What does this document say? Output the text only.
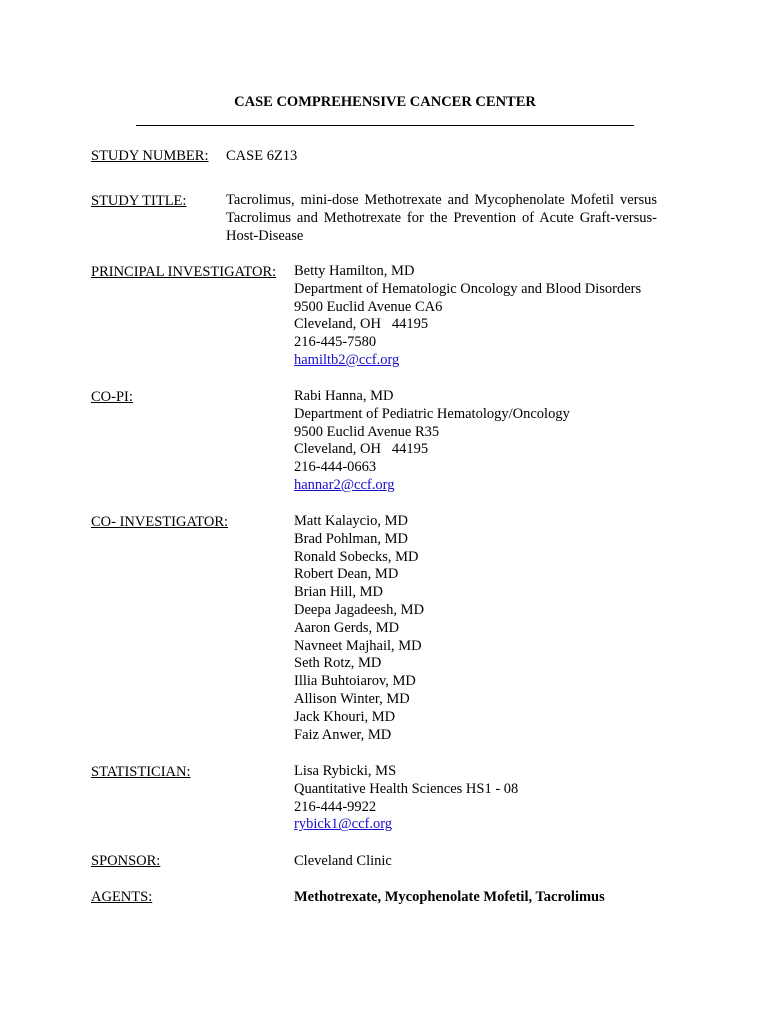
CASE COMPREHENSIVE CANCER CENTER
STUDY NUMBER: CASE 6Z13
STUDY TITLE:	Tacrolimus, mini-dose Methotrexate and Mycophenolate Mofetil versus Tacrolimus and Methotrexate for the Prevention of Acute Graft-versus-Host-Disease
PRINCIPAL INVESTIGATOR: Betty Hamilton, MD
Department of Hematologic Oncology and Blood Disorders
9500 Euclid Avenue CA6
Cleveland, OH   44195
216-445-7580
hamiltb2@ccf.org
CO-PI:	Rabi Hanna, MD
Department of Pediatric Hematology/Oncology
9500 Euclid Avenue R35
Cleveland, OH   44195
216-444-0663
hannar2@ccf.org
CO- INVESTIGATOR:	Matt Kalaycio, MD
Brad Pohlman, MD
Ronald Sobecks, MD
Robert Dean, MD
Brian Hill, MD
Deepa Jagadeesh, MD
Aaron Gerds, MD
Navneet Majhail, MD
Seth Rotz, MD
Illia Buhtoiarov, MD
Allison Winter, MD
Jack Khouri, MD
Faiz Anwer, MD
STATISTICIAN:	Lisa Rybicki, MS
Quantitative Health Sciences HS1 - 08
216-444-9922
rybick1@ccf.org
SPONSOR:	Cleveland Clinic
AGENTS:	Methotrexate, Mycophenolate Mofetil, Tacrolimus
